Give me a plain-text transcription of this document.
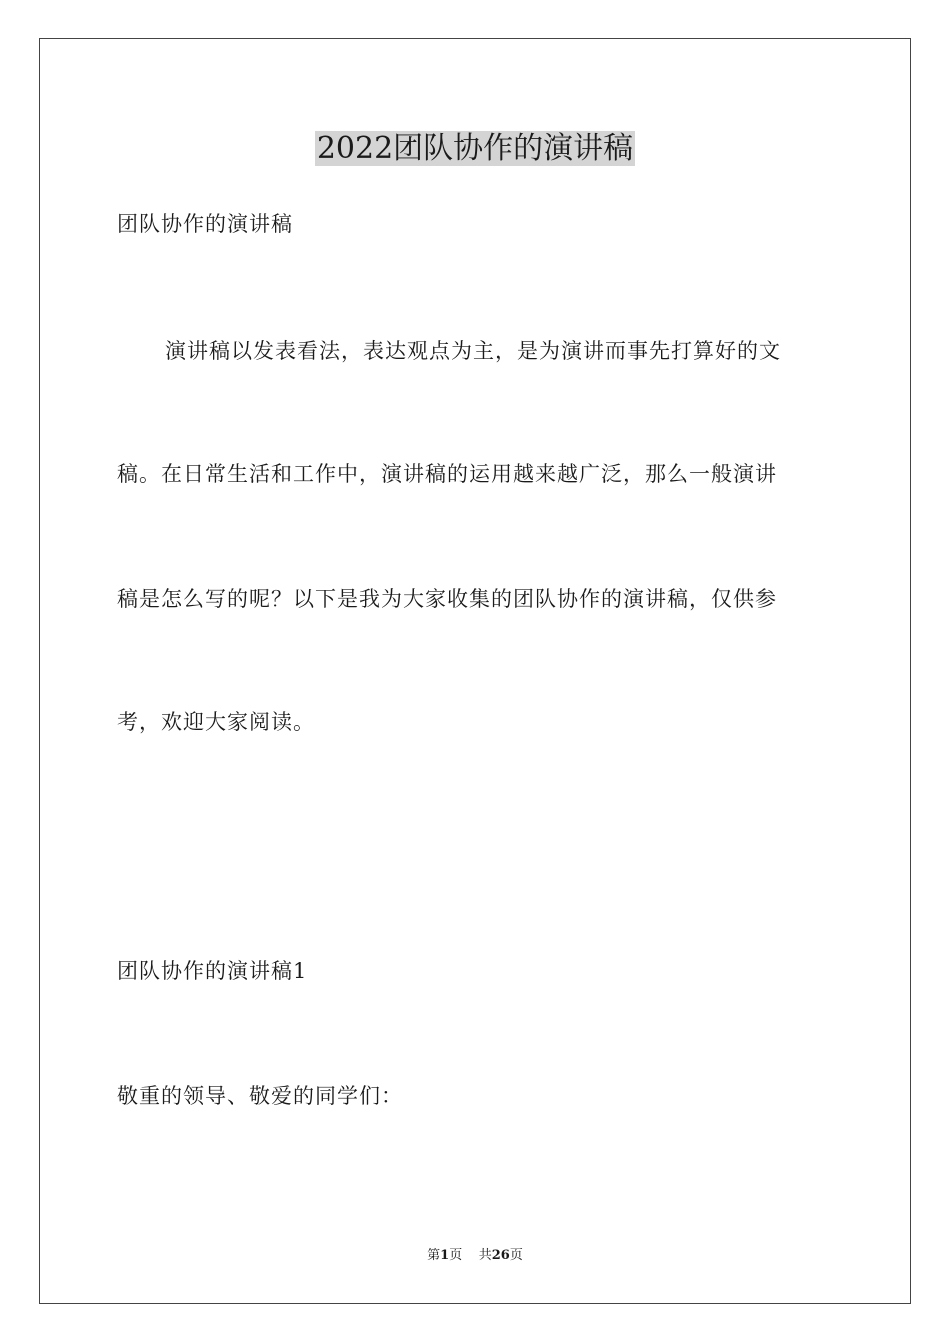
2022团队协作的演讲稿
团队协作的演讲稿
演讲稿以发表看法，表达观点为主，是为演讲而事先打算好的文
稿。在日常生活和工作中，演讲稿的运用越来越广泛，那么一般演讲
稿是怎么写的呢？以下是我为大家收集的团队协作的演讲稿，仅供参
考，欢迎大家阅读。
团队协作的演讲稿1
敬重的领导、敬爱的同学们：
第1页 共26页
